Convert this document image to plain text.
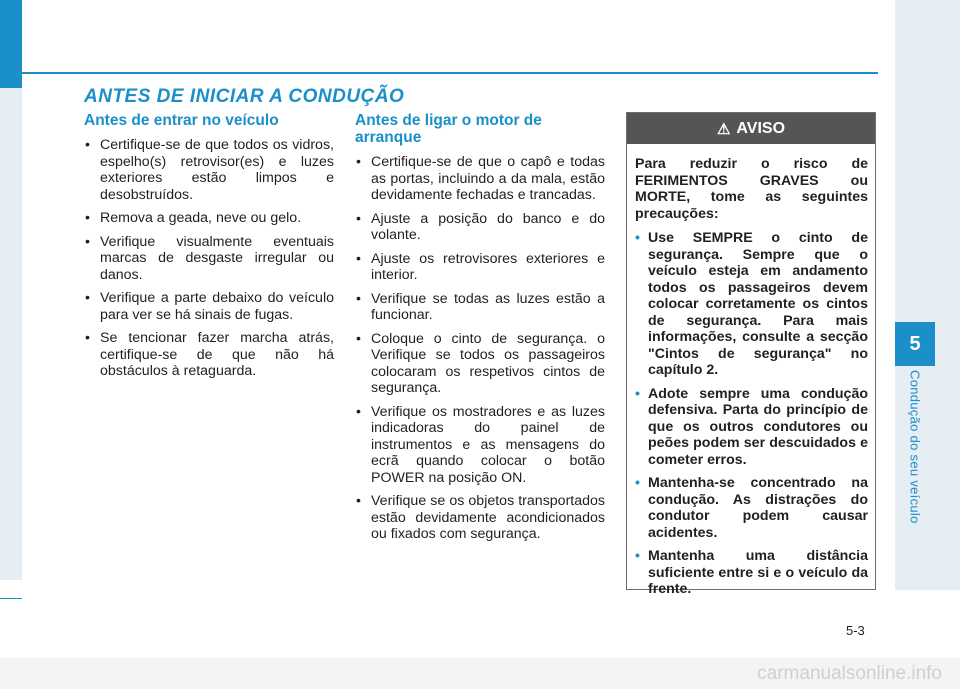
5
Condução do seu veículo
ANTES DE INICIAR A CONDUÇÃO
Antes de entrar no veículo
• Certifique-se de que todos os vidros, espelho(s) retrovisor(es) e luzes exteriores estão limpos e desobstruídos.
• Remova a geada, neve ou gelo.
• Verifique visualmente eventuais marcas de desgaste irregular ou danos.
• Verifique a parte debaixo do veículo para ver se há sinais de fugas.
• Se tencionar fazer marcha atrás, certifique-se de que não há obstáculos à retaguarda.
Antes de ligar o motor de arranque
• Certifique-se de que o capô e todas as portas, incluindo a da mala, estão devidamente fechadas e trancadas.
• Ajuste a posição do banco e do volante.
• Ajuste os retrovisores exteriores e interior.
• Verifique se todas as luzes estão a funcionar.
• Coloque o cinto de segurança. o Verifique se todos os passageiros colocaram os respetivos cintos de segurança.
• Verifique os mostradores e as luzes indicadoras do painel de instrumentos e as mensagens do ecrã quando colocar o botão POWER na posição ON.
• Verifique se os objetos transportados estão devidamente acondicionados ou fixados com segurança.
⚠ AVISO

Para reduzir o risco de FERIMENTOS GRAVES ou MORTE, tome as seguintes precauções:

• Use SEMPRE o cinto de segurança. Sempre que o veículo esteja em andamento todos os passageiros devem colocar corretamente os cintos de segurança. Para mais informações, consulte a secção "Cintos de segurança" no capítulo 2.
• Adote sempre uma condução defensiva. Parta do princípio de que os outros condutores ou peões podem ser descuidados e cometer erros.
• Mantenha-se concentrado na condução. As distrações do condutor podem causar acidentes.
• Mantenha uma distância suficiente entre si e o veículo da frente.
5-3
carmanualsonline.info
